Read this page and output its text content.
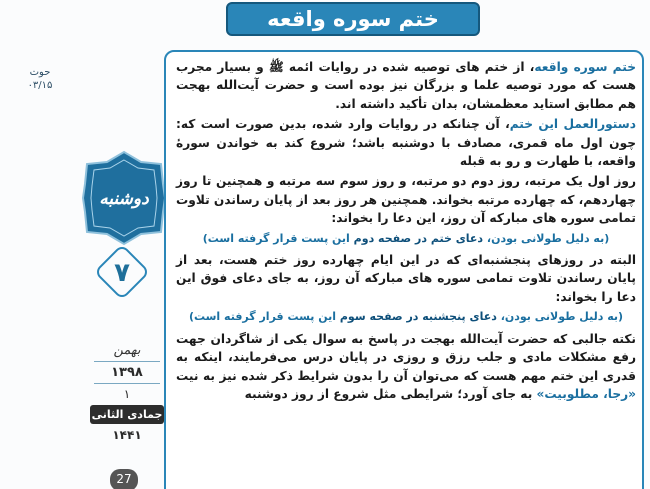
ختم سوره واقعه
حوت
۰۳/۱۵
دوشنبه
۷
بهمن
۱۳۹۸
۱
جمادی الثانی
۱۴۴۱
27

ختم سوره واقعه، از ختم های توصیه شده در روایات ائمه ﷺ و بسیار مجرب هست که مورد توصیه علما و بزرگان نیز بوده است و حضرت آیت‌الله بهجت هم مطابق استاید معظمشان، بدان تأکید داشته اند.

دستورالعمل این ختم، آن چنانکه در روایات وارد شده، بدین صورت است که: چون اول ماه قمری، مصادف با دوشنبه باشد؛ شروع کند به خواندن سورهٔ واقعه، با طهارت و رو به قبله

روز اول یک مرتبه، روز دوم دو مرتبه، و روز سوم سه مرتبه و همچنین تا روز چهاردهم، که چهارده مرتبه بخواند. همچنین هر روز بعد از پایان رساندن تلاوت تمامی سوره های مبارکه آن روز، این دعا را بخواند:

(به دلیل طولانی بودن، دعای ختم در صفحه دوم این پست قرار گرفته است)

البته در روزهای پنجشنبه‌ای که در این ایام چهارده روز ختم هست، بعد از پایان رساندن تلاوت تمامی سوره های مبارکه آن روز، به جای دعای فوق این دعا را بخواند:

(به دلیل طولانی بودن، دعای پنجشنبه در صفحه سوم این پست قرار گرفته است)

نکته جالبی که حضرت آیت‌الله بهجت در پاسخ به سوال یکی از شاگردان جهت رفع مشکلات مادی و جلب رزق و روزی در پایان درس می‌فرمایند، اینکه به قدری این ختم مهم هست که می‌توان آن را بدون شرایط ذکر شده نیز به نیت «رجا، مطلوبیت» به جای آورد؛ شرایطی مثل شروع از روز دوشنبه
